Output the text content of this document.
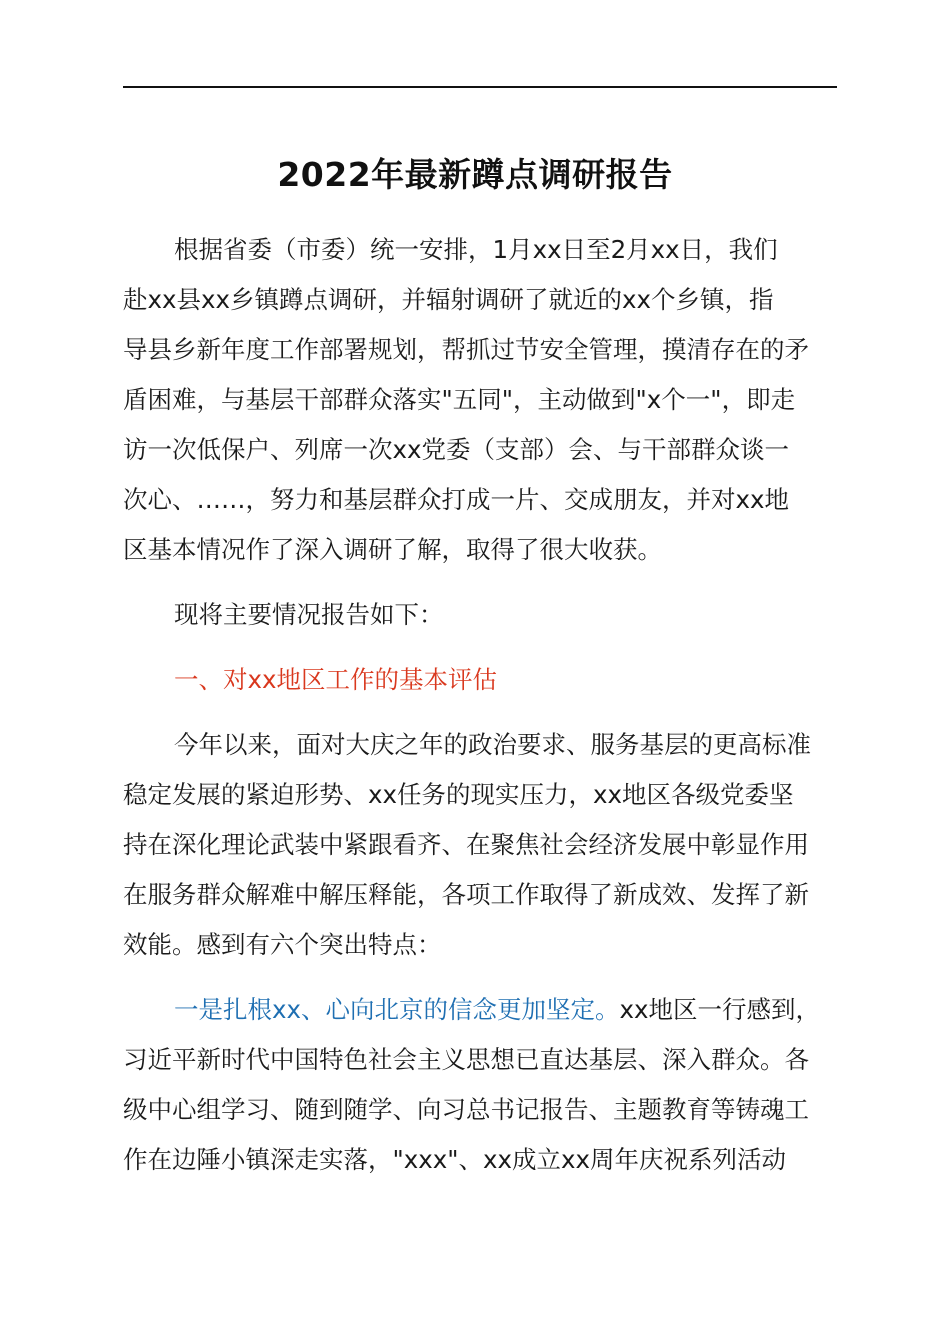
2022年最新蹲点调研报告
根据省委（市委）统一安排，1月xx日至2月xx日，我们
赴xx县xx乡镇蹲点调研，并辐射调研了就近的xx个乡镇，指
导县乡新年度工作部署规划，帮抓过节安全管理，摸清存在的矛
盾困难，与基层干部群众落实"五同"，主动做到"x个一"，即走
访一次低保户、列席一次xx党委（支部）会、与干部群众谈一
次心、……，努力和基层群众打成一片、交成朋友，并对xx地
区基本情况作了深入调研了解，取得了很大收获。
现将主要情况报告如下：
一、对xx地区工作的基本评估
今年以来，面对大庆之年的政治要求、服务基层的更高标准
稳定发展的紧迫形势、xx任务的现实压力，xx地区各级党委坚
持在深化理论武装中紧跟看齐、在聚焦社会经济发展中彰显作用
在服务群众解难中解压释能，各项工作取得了新成效、发挥了新
效能。感到有六个突出特点：
一是扎根xx、心向北京的信念更加坚定。xx地区一行感到，
习近平新时代中国特色社会主义思想已直达基层、深入群众。各
级中心组学习、随到随学、向习总书记报告、主题教育等铸魂工
作在边陲小镇深走实落，"xxx"、xx成立xx周年庆祝系列活动
